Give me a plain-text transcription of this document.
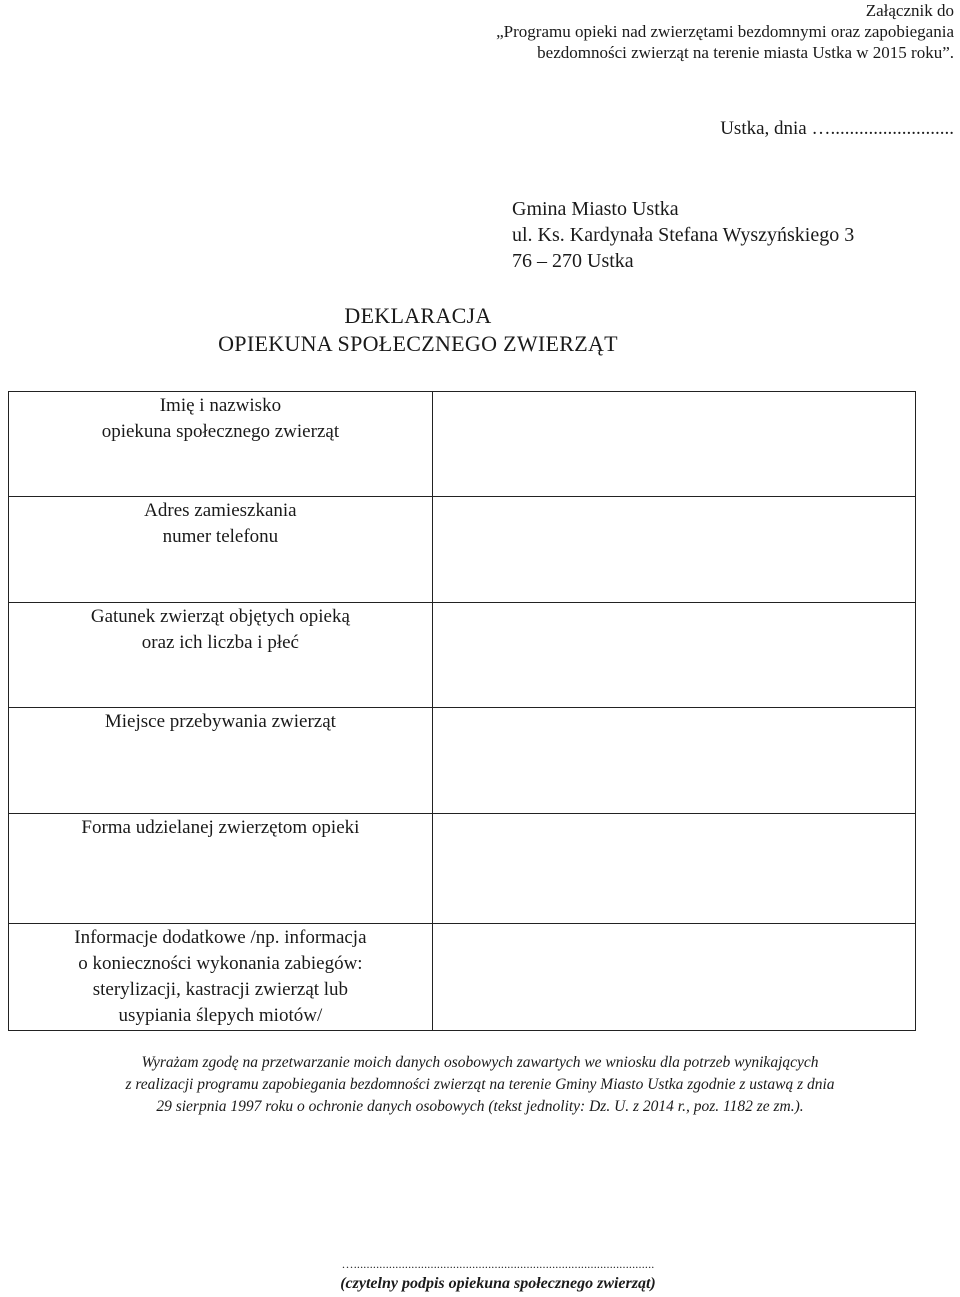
Załącznik do
„Programu opieki nad zwierzętami bezdomnymi oraz zapobiegania
bezdomności zwierząt na terenie miasta Ustka w 2015 roku”.
Ustka, dnia …..........................
Gmina Miasto Ustka
ul. Ks. Kardynała Stefana Wyszyńskiego 3
76 – 270 Ustka
DEKLARACJA
OPIEKUNA SPOŁECZNEGO ZWIERZĄT
Imię i nazwisko
opiekuna społecznego zwierząt	

Adres zamieszkania
numer telefonu	

Gatunek zwierząt objętych opieką
oraz ich liczba i płeć	

Miejsce przebywania zwierząt	

Forma udzielanej zwierzętom opieki	

Informacje dodatkowe /np. informacja
o konieczności wykonania zabiegów:
sterylizacji, kastracji zwierząt lub
usypiania ślepych miotów/	

Wyrażam zgodę na przetwarzanie moich danych osobowych zawartych we wniosku dla potrzeb wynikających
z realizacji programu zapobiegania bezdomności zwierząt na terenie Gminy Miasto Ustka zgodnie z ustawą z dnia
29 sierpnia 1997 roku o ochronie danych osobowych (tekst jednolity: Dz. U. z 2014 r., poz. 1182 ze zm.).
…..............................................................................................
(czytelny podpis opiekuna społecznego zwierząt)
